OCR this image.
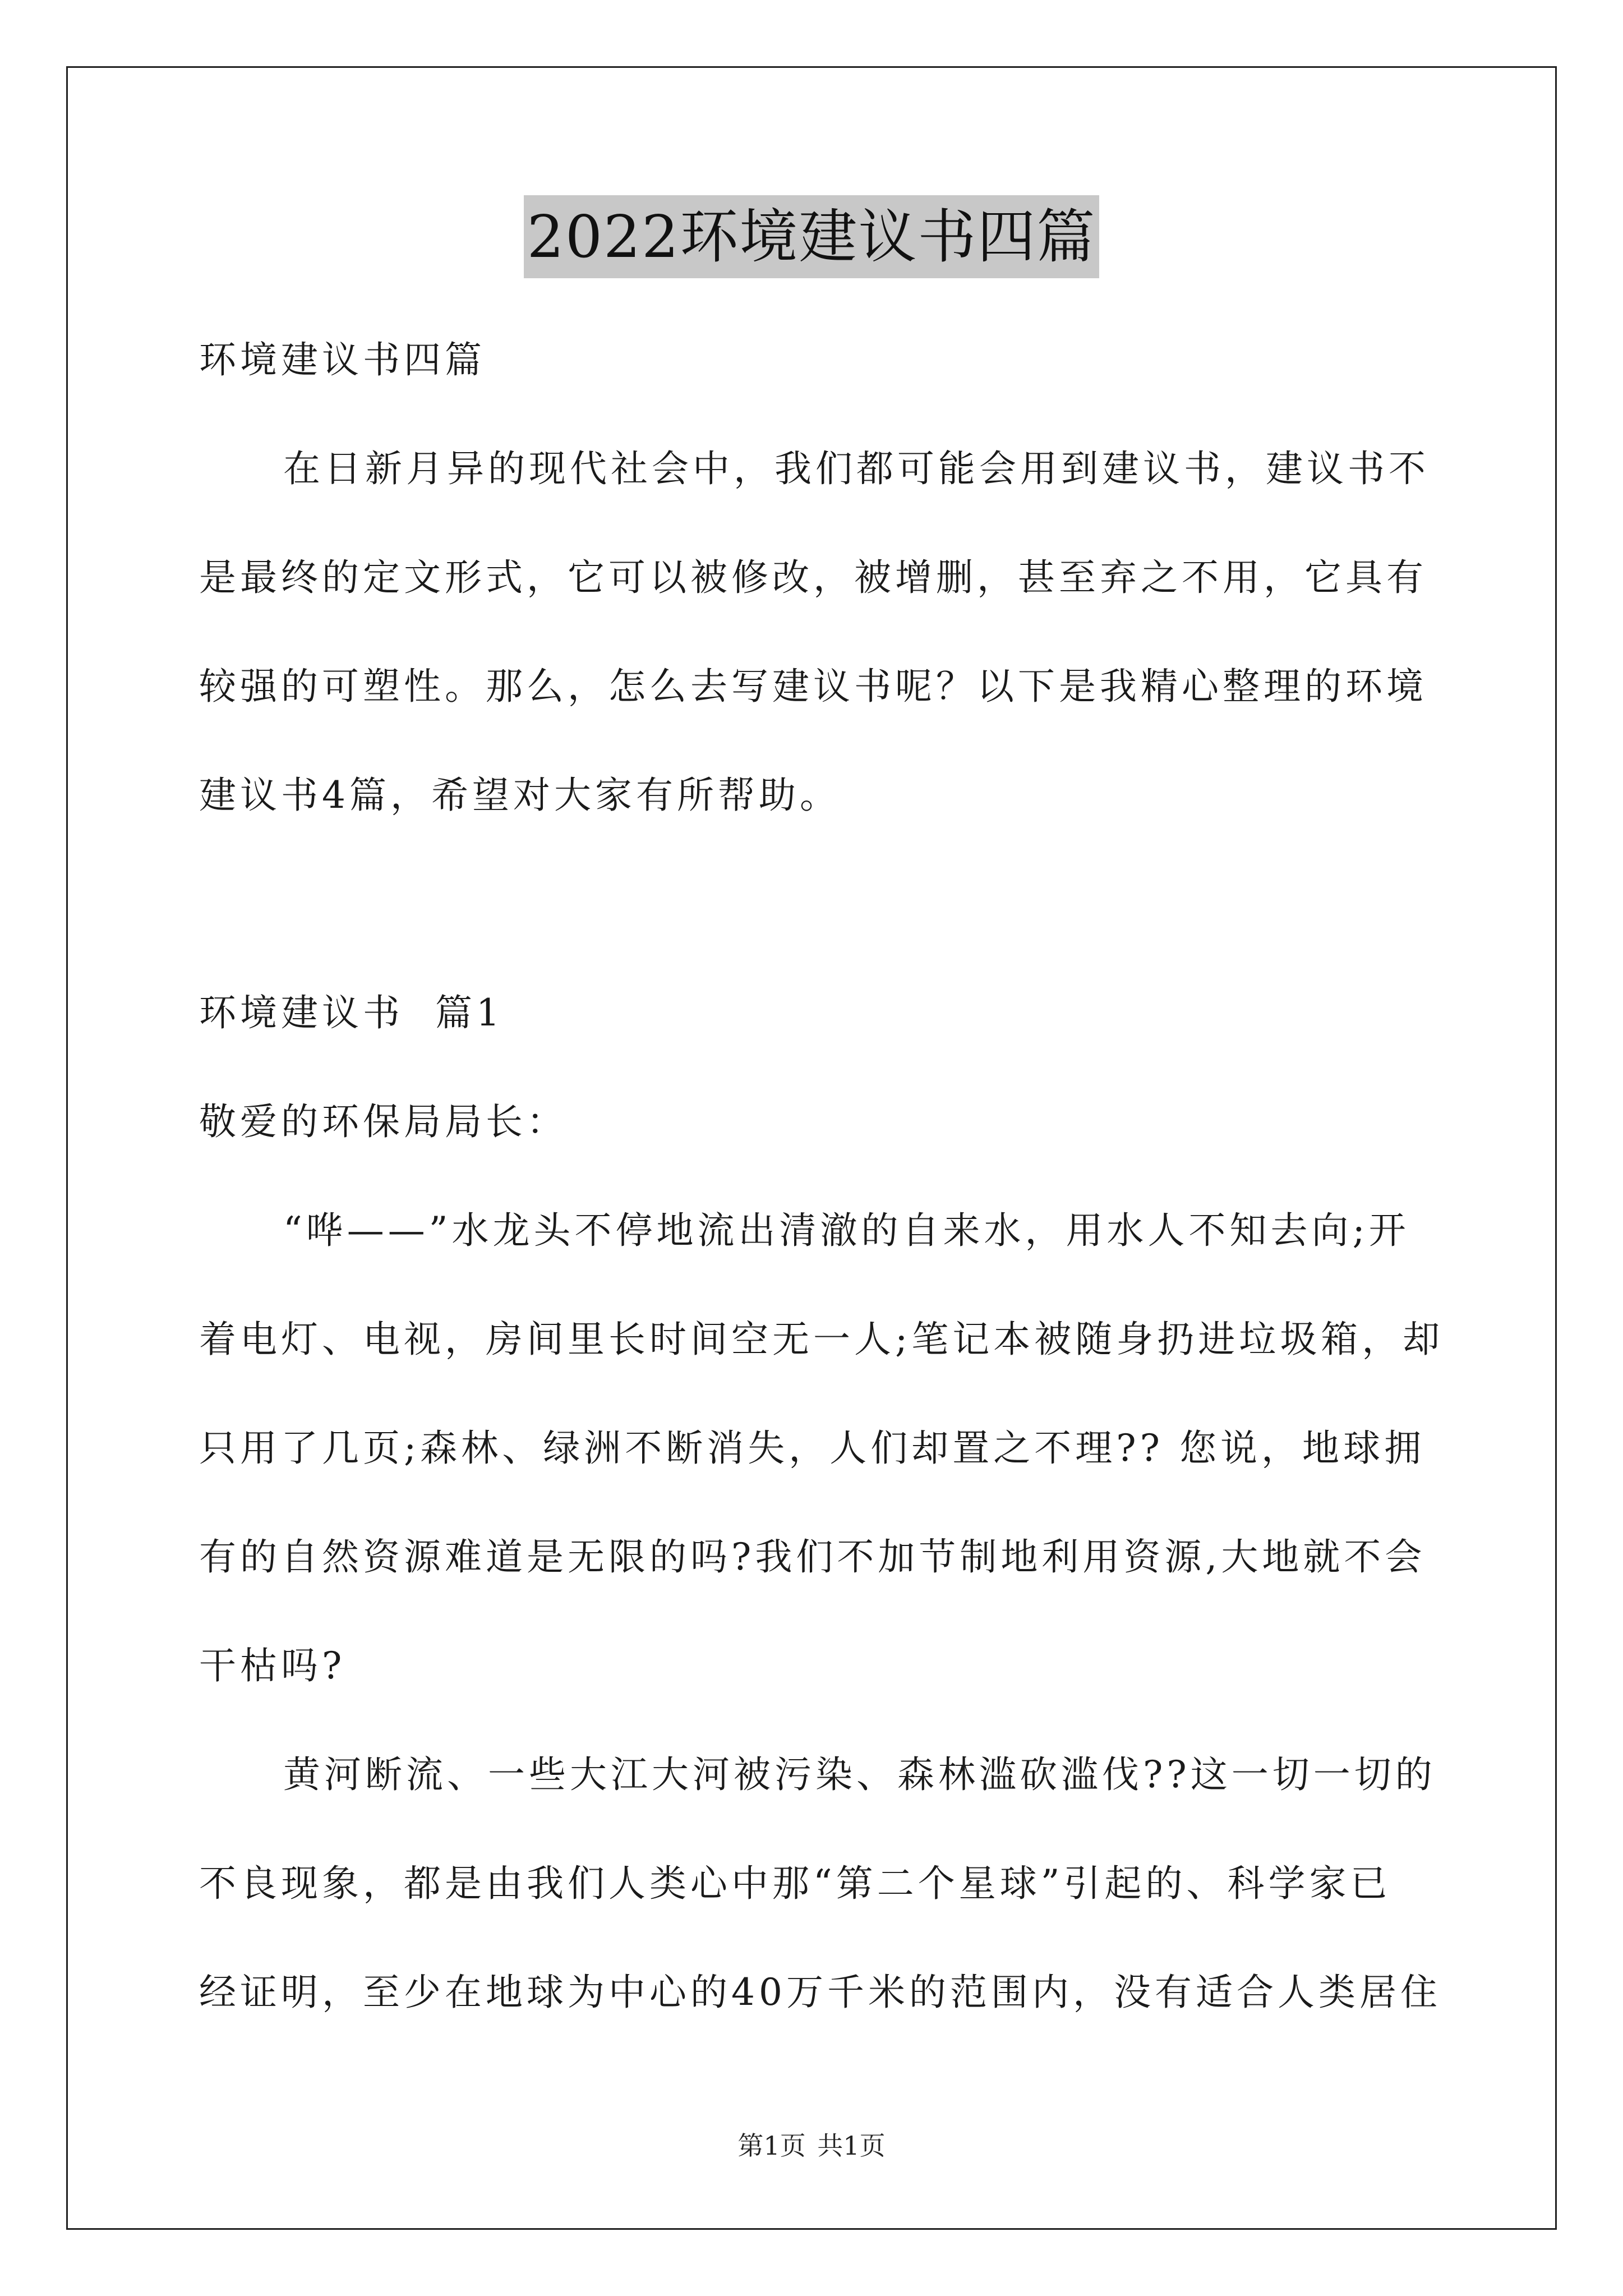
2022环境建议书四篇

环境建议书四篇

在日新月异的现代社会中，我们都可能会用到建议书，建议书不

是最终的定文形式，它可以被修改，被增删，甚至弃之不用，它具有

较强的可塑性。那么，怎么去写建议书呢？以下是我精心整理的环境

建议书4篇，希望对大家有所帮助。

环境建议书  篇1

敬爱的环保局局长：

“哗——”水龙头不停地流出清澈的自来水，用水人不知去向;开

着电灯、电视，房间里长时间空无一人;笔记本被随身扔进垃圾箱，却

只用了几页;森林、绿洲不断消失，人们却置之不理?? 您说，地球拥

有的自然资源难道是无限的吗?我们不加节制地利用资源,大地就不会

干枯吗?

黄河断流、一些大江大河被污染、森林滥砍滥伐??这一切一切的

不良现象，都是由我们人类心中那“第二个星球”引起的、科学家已

经证明，至少在地球为中心的40万千米的范围内，没有适合人类居住

第1页 共1页
